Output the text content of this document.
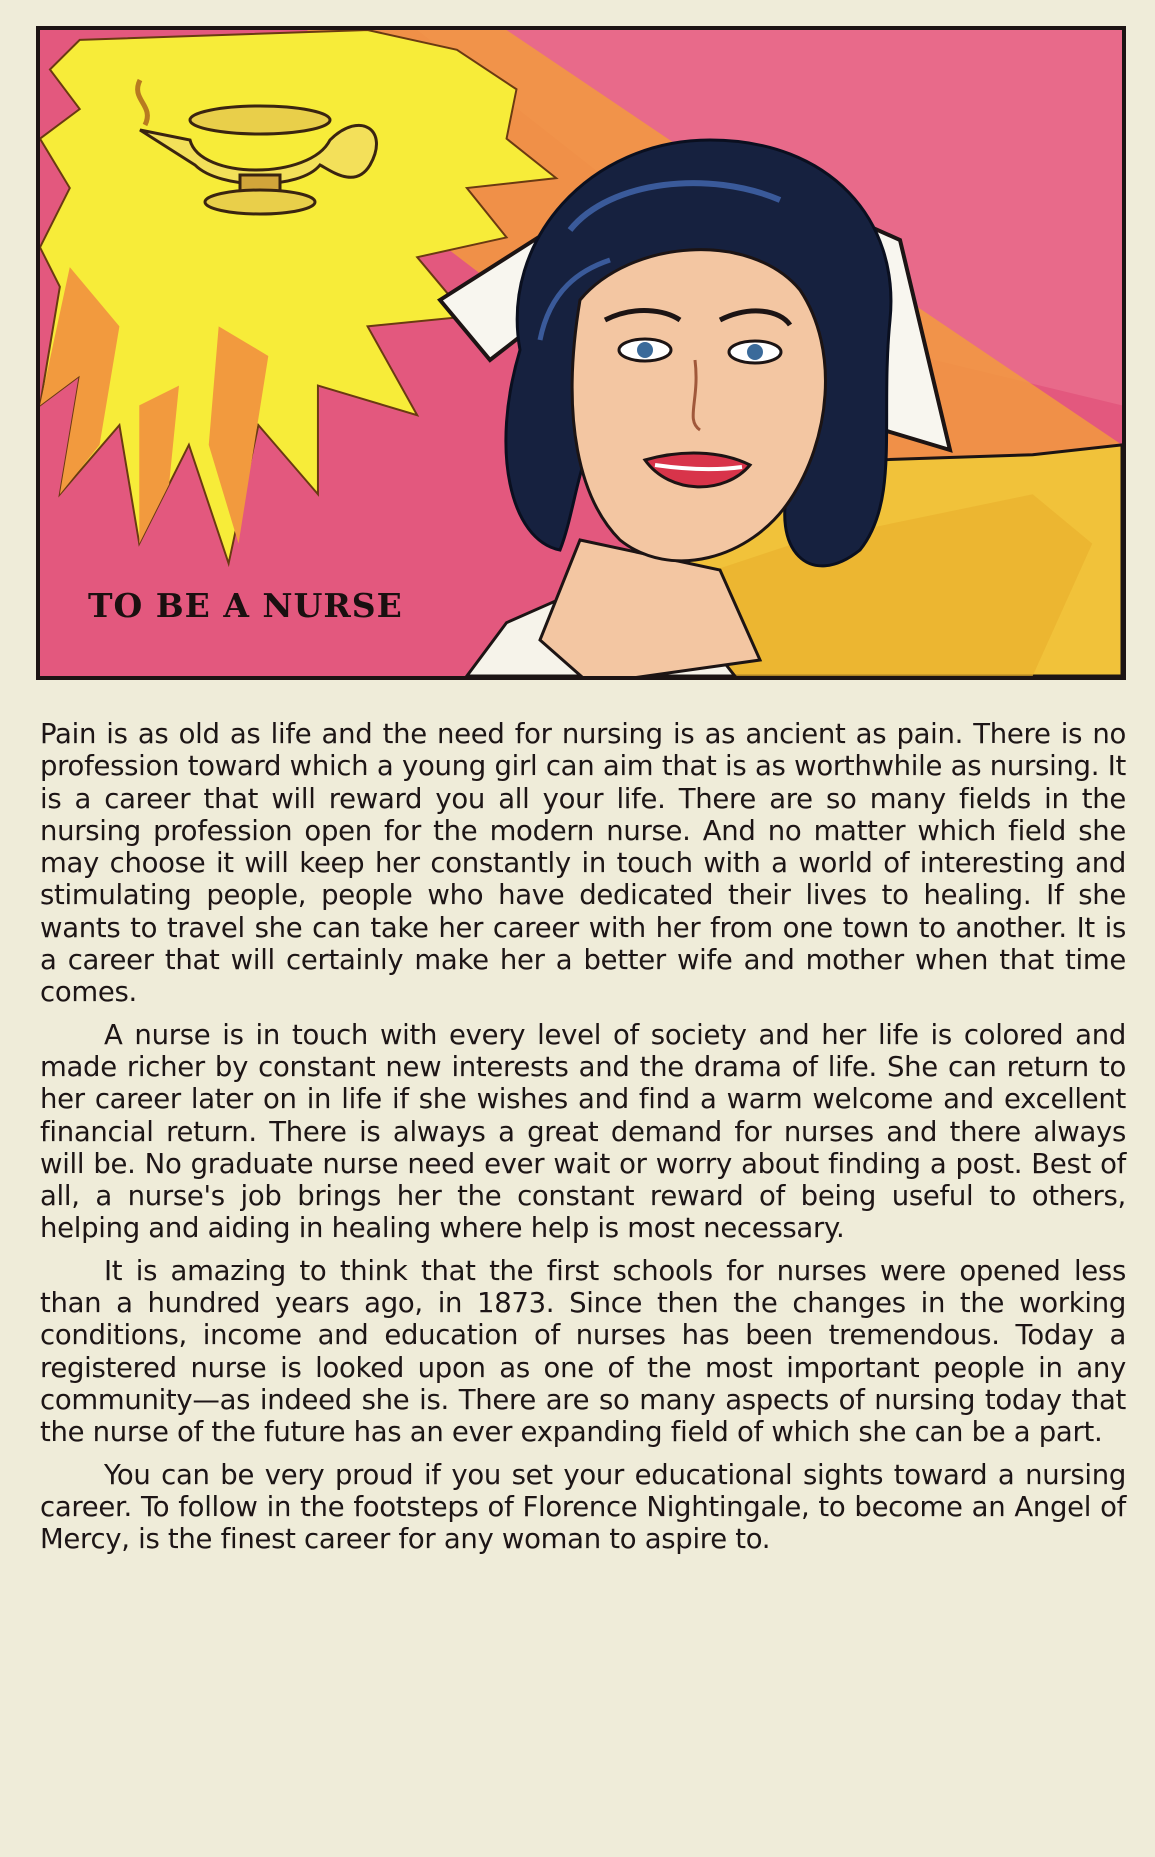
TO BE A NURSE

Pain is as old as life and the need for nursing is as ancient as pain. There is no profession toward which a young girl can aim that is as worthwhile as nursing. It is a career that will reward you all your life. There are so many fields in the nursing profession open for the modern nurse. And no matter which field she may choose it will keep her constantly in touch with a world of interesting and stimulating people, people who have dedicated their lives to healing. If she wants to travel she can take her career with her from one town to another. It is a career that will certainly make her a better wife and mother when that time comes.

A nurse is in touch with every level of society and her life is colored and made richer by constant new interests and the drama of life. She can return to her career later on in life if she wishes and find a warm welcome and excellent financial return. There is always a great demand for nurses and there always will be. No graduate nurse need ever wait or worry about finding a post. Best of all, a nurse's job brings her the constant reward of being useful to others, helping and aiding in healing where help is most necessary.

It is amazing to think that the first schools for nurses were opened less than a hundred years ago, in 1873. Since then the changes in the working conditions, income and education of nurses has been tremendous. Today a registered nurse is looked upon as one of the most important people in any community—as indeed she is. There are so many aspects of nursing today that the nurse of the future has an ever expanding field of which she can be a part.

You can be very proud if you set your educational sights toward a nursing career. To follow in the footsteps of Florence Nightingale, to become an Angel of Mercy, is the finest career for any woman to aspire to.
